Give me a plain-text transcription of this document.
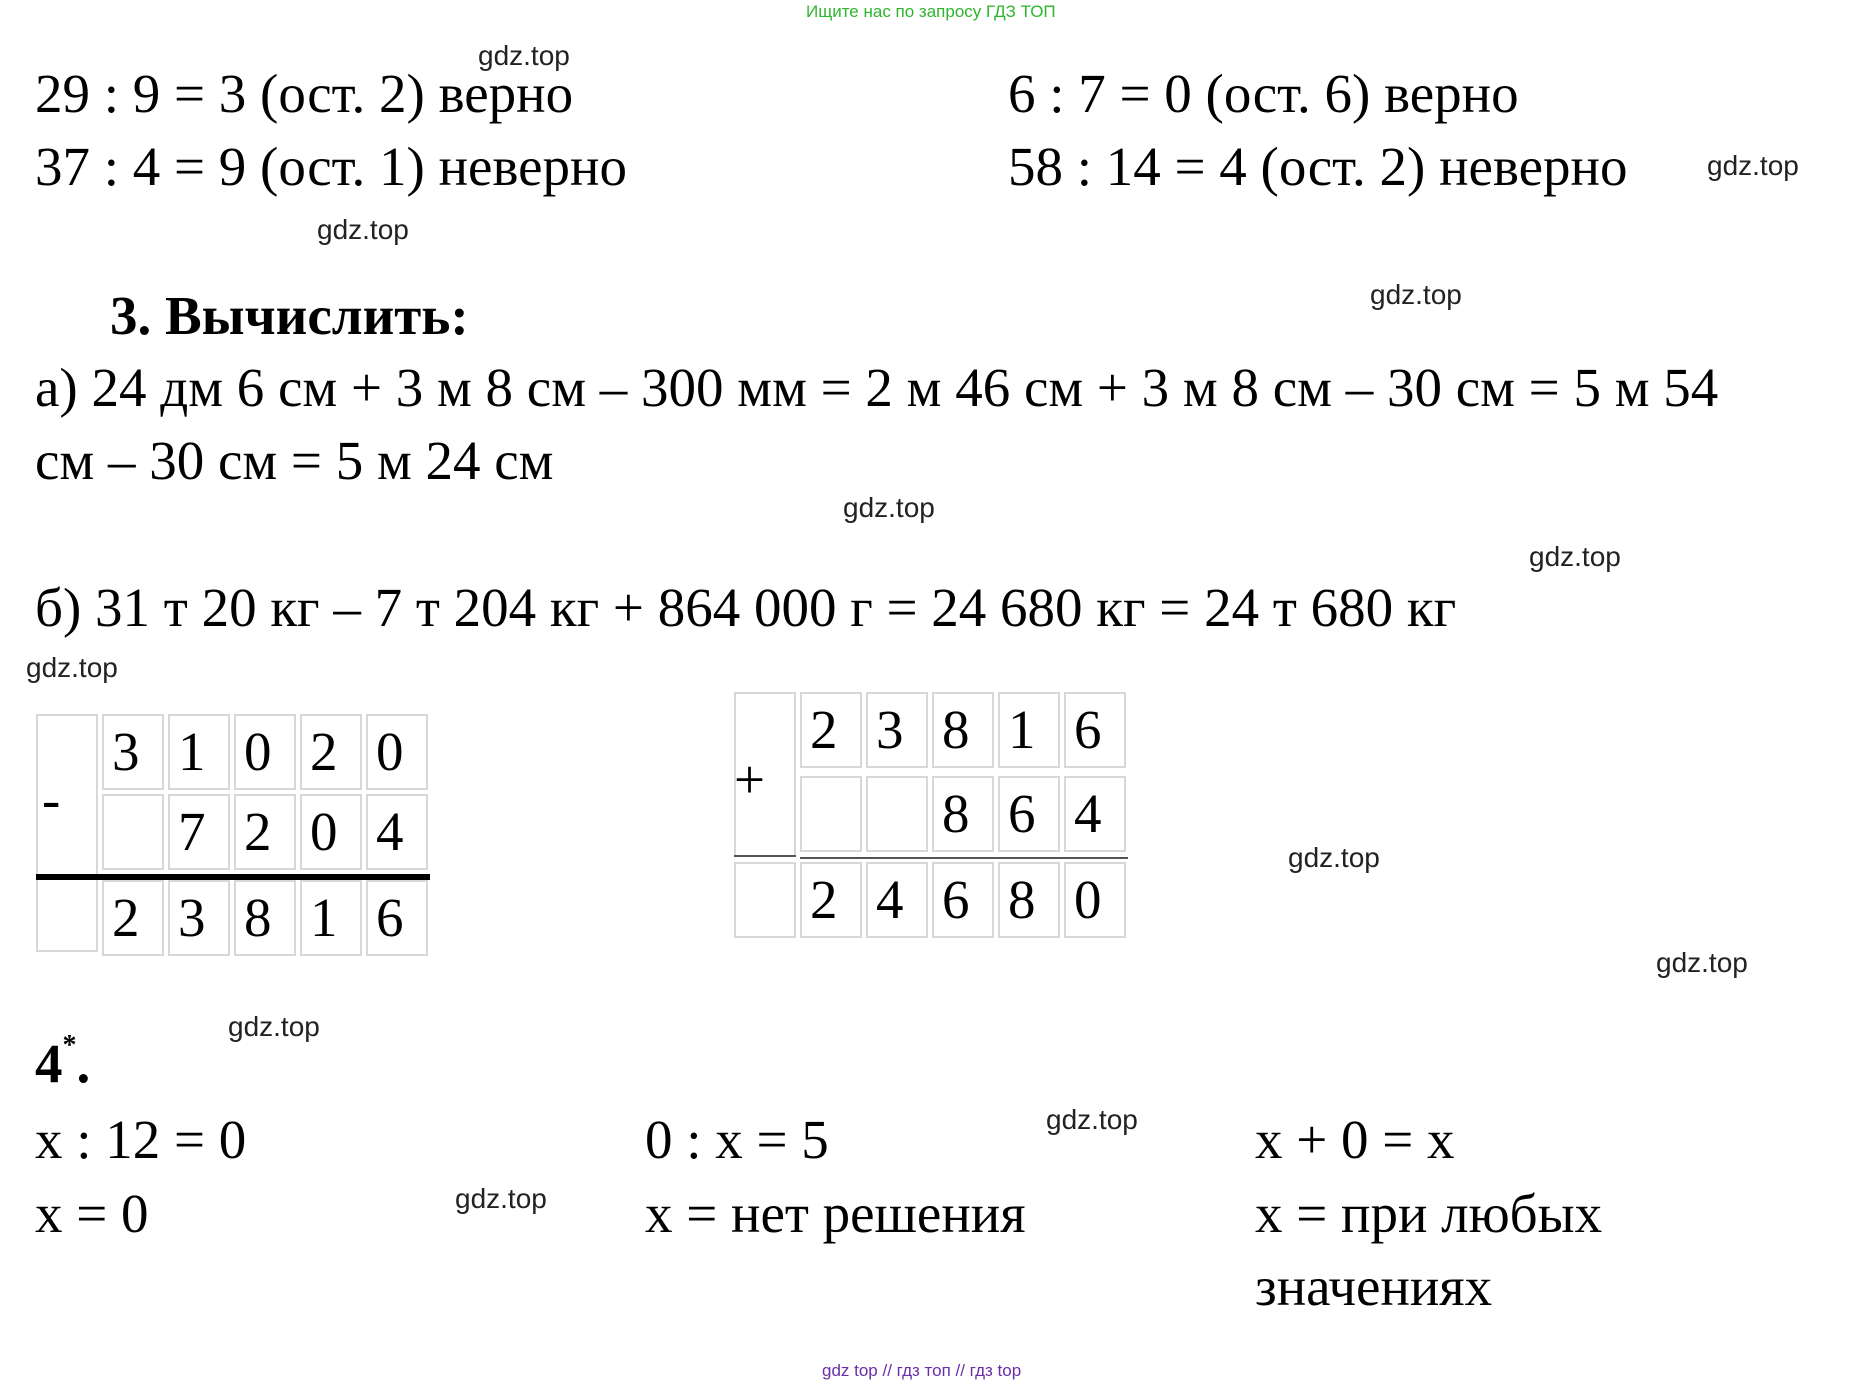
Ищите нас по запросу ГДЗ ТОП
gdz top // гдз топ // гдз top
gdz.top
gdz.top
gdz.top
gdz.top
gdz.top
gdz.top
gdz.top
gdz.top
gdz.top
gdz.top
gdz.top
gdz.top
29 : 9 = 3 (ост. 2) верно
37 : 4 = 9 (ост. 1) неверно
6 : 7 = 0 (ост. 6) верно
58 : 14 = 4 (ост. 2) неверно
3. Вычислить:
а) 24 дм 6 см + 3 м 8 см – 300 мм = 2 м 46 см + 3 м 8 см – 30 см = 5 м 54
см – 30 см = 5 м 24 см
б) 31 т 20 кг – 7 т 204 кг + 864 000 г = 24 680 кг = 24 т 680 кг
-
3 1 0 2 0
7 2 0 4
2 3 8 1 6
+
2 3 8 1 6
8 6 4
2 4 6 8 0
4*.
x : 12 = 0
x = 0
0 : x = 5
x = нет решения
x + 0 = x
x = при любых
значениях
